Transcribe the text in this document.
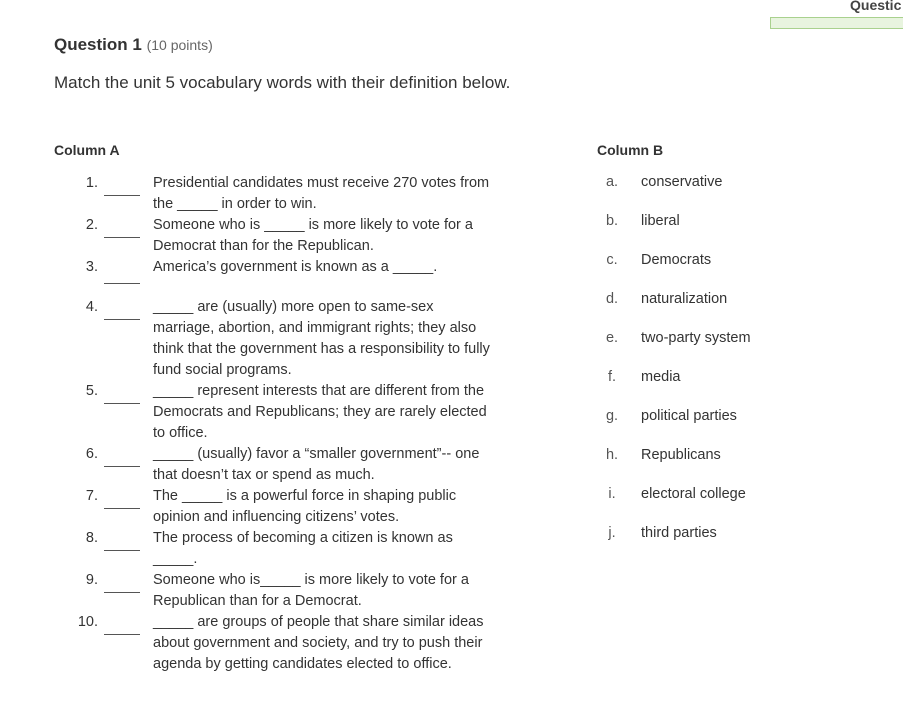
Questic
Question 1 (10 points)
Match the unit 5 vocabulary words with their definition below.
Column A	Column B
1.	Presidential candidates must receive 270 votes from the _____ in order to win.
2.	Someone who is _____ is more likely to vote for a Democrat than for the Republican.
3.	America’s government is known as a _____.
4.	_____ are (usually) more open to same-sex marriage, abortion, and immigrant rights; they also think that the government has a responsibility to fully fund social programs.
5.	_____ represent interests that are different from the Democrats and Republicans; they are rarely elected to office.
6.	_____ (usually) favor a “smaller government”-- one that doesn’t tax or spend as much.
7.	The _____ is a powerful force in shaping public opinion and influencing citizens’ votes.
8.	The process of becoming a citizen is known as _____.
9.	Someone who is_____ is more likely to vote for a Republican than for a Democrat.
10.	_____ are groups of people that share similar ideas about government and society, and try to push their agenda by getting candidates elected to office.
a. conservative
b. liberal
c. Democrats
d. naturalization
e. two-party system
f. media
g. political parties
h. Republicans
i. electoral college
j. third parties
